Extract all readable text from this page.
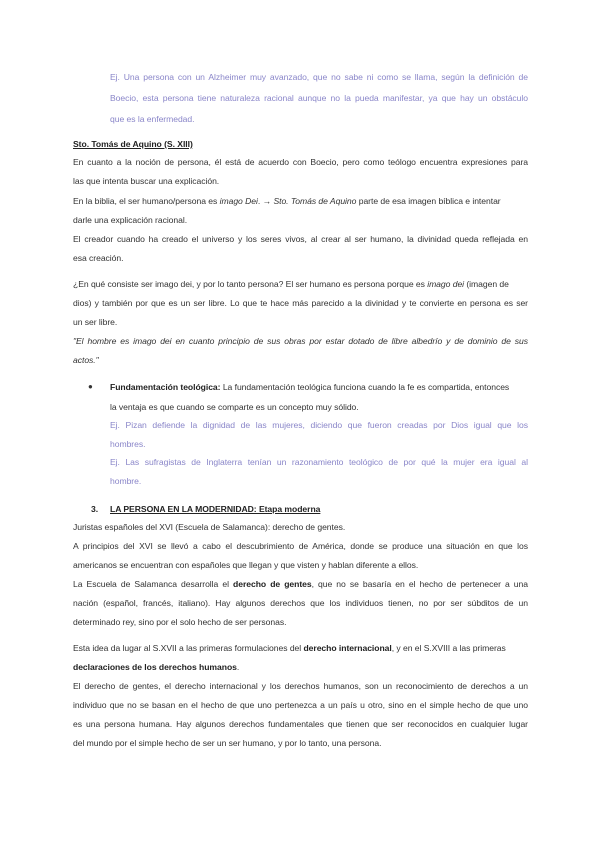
Ej. Una persona con un Alzheimer muy avanzado, que no sabe ni como se llama, según la definición de
Boecio, esta persona tiene naturaleza racional aunque no la pueda manifestar, ya que hay un obstáculo
que es la enfermedad.
Sto. Tomás de Aquino (S. XIII)
En cuanto a la noción de persona, él está de acuerdo con Boecio, pero como teólogo encuentra expresiones para
las que intenta buscar una explicación.
En la biblia, el ser humano/persona es imago Dei. → Sto. Tomás de Aquino parte de esa imagen bíblica e intentar
darle una explicación racional.
El creador cuando ha creado el universo y los seres vivos, al crear al ser humano, la divinidad queda reflejada en
esa creación.
¿En qué consiste ser imago dei, y por lo tanto persona? El ser humano es persona porque es imago dei (imagen de
dios) y también por que es un ser libre. Lo que te hace más parecido a la divinidad y te convierte en persona es ser
un ser libre.
"El hombre es imago dei en cuanto principio de sus obras por estar dotado de libre albedrío y de dominio de sus
actos."
● Fundamentación teológica: La fundamentación teológica funciona cuando la fe es compartida, entonces
la ventaja es que cuando se comparte es un concepto muy sólido.
Ej. Pizan defiende la dignidad de las mujeres, diciendo que fueron creadas por Dios igual que los
hombres.
Ej. Las sufragistas de Inglaterra tenían un razonamiento teológico de por qué la mujer era igual al
hombre.
3. LA PERSONA EN LA MODERNIDAD: Etapa moderna
Juristas españoles del XVI (Escuela de Salamanca): derecho de gentes.
A principios del XVI se llevó a cabo el descubrimiento de América, donde se produce una situación en que los
americanos se encuentran con españoles que llegan y que visten y hablan diferente a ellos.
La Escuela de Salamanca desarrolla el derecho de gentes, que no se basaría en el hecho de pertenecer a una
nación (español, francés, italiano). Hay algunos derechos que los individuos tienen, no por ser súbditos de un
determinado rey, sino por el solo hecho de ser personas.
Esta idea da lugar al S.XVII a las primeras formulaciones del derecho internacional, y en el S.XVIII a las primeras
declaraciones de los derechos humanos.
El derecho de gentes, el derecho internacional y los derechos humanos, son un reconocimiento de derechos a un
individuo que no se basan en el hecho de que uno pertenezca a un país u otro, sino en el simple hecho de que uno
es una persona humana. Hay algunos derechos fundamentales que tienen que ser reconocidos en cualquier lugar
del mundo por el simple hecho de ser un ser humano, y por lo tanto, una persona.
